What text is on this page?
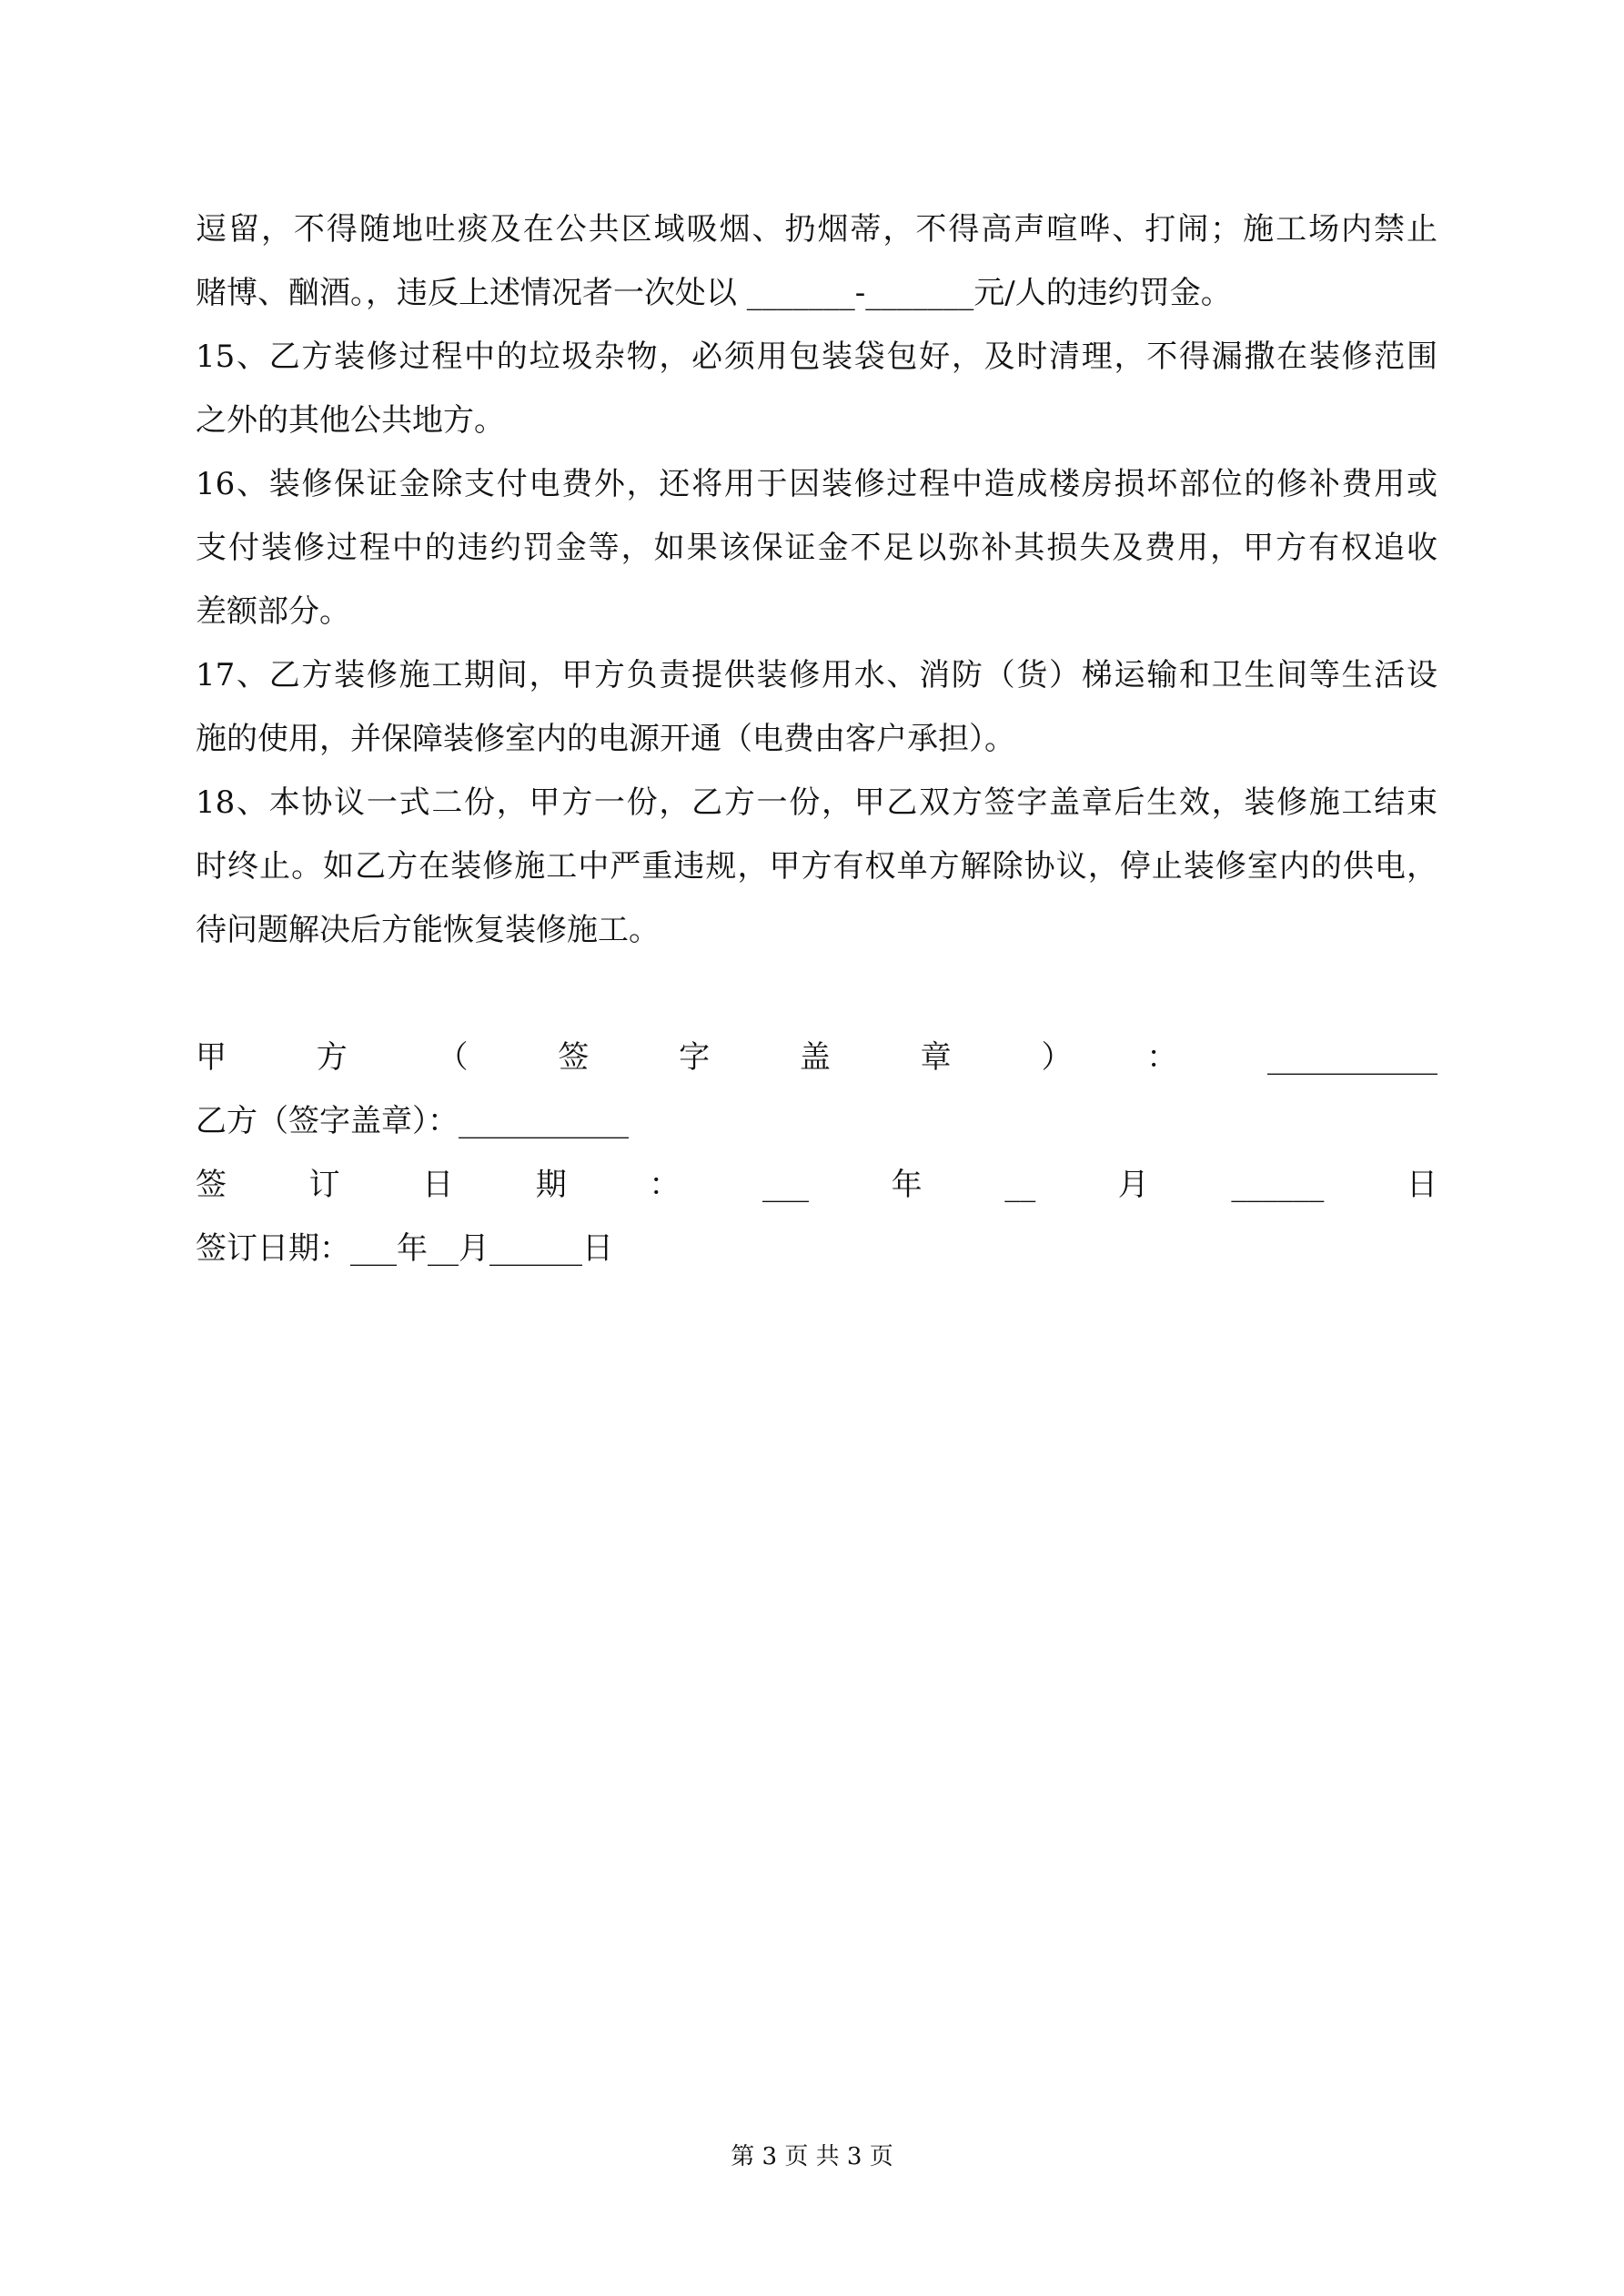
逗留，不得随地吐痰及在公共区域吸烟、扔烟蒂，不得高声喧哗、打闹；施工场内禁止
赌博、酗酒。，违反上述情况者一次处以 _______-_______元/人的违约罚金。
15、乙方装修过程中的垃圾杂物，必须用包装袋包好，及时清理，不得漏撒在装修范围
之外的其他公共地方。
16、装修保证金除支付电费外，还将用于因装修过程中造成楼房损坏部位的修补费用或
支付装修过程中的违约罚金等，如果该保证金不足以弥补其损失及费用，甲方有权追收
差额部分。
17、乙方装修施工期间，甲方负责提供装修用水、消防（货）梯运输和卫生间等生活设
施的使用，并保障装修室内的电源开通（电费由客户承担）。
18、本协议一式二份，甲方一份，乙方一份，甲乙双方签字盖章后生效，装修施工结束
时终止。如乙方在装修施工中严重违规，甲方有权单方解除协议，停止装修室内的供电，
待问题解决后方能恢复装修施工。
甲方（签字盖章）：___________
乙方（签字盖章）：___________
签订日期：___年__月______日
签订日期：___年__月______日
第 3 页 共 3 页
